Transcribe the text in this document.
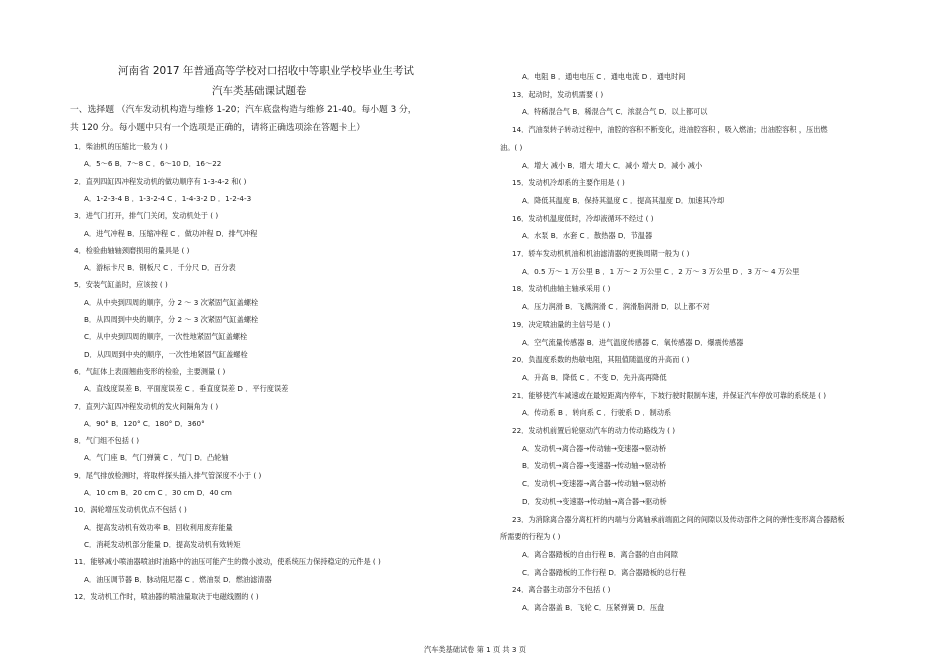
河南省 2017 年普通高等学校对口招收中等职业学校毕业生考试
汽车类基础课试题卷
一、选择题 （汽车发动机构造与维修 1-20；汽车底盘构造与维修 21-40。每小题 3 分，
共 120 分。每小题中只有一个选项是正确的，请将正确选项涂在答题卡上）
1．柴油机的压缩比一般为 ( )
A．5～6 B．7～8 C ．6～10 D．16～22
2．直列四缸四冲程发动机的做功顺序有 1-3-4-2 和( )
A．1-2-3-4 B ．1-3-2-4 C ．1-4-3-2 D ．1-2-4-3
3．进气门打开，排气门关闭，发动机处于 ( )
A．进气冲程 B．压缩冲程 C ．做功冲程 D．排气冲程
4．检验曲轴轴颈磨损用的量具是 ( )
A．游标卡尺 B．钢板尺 C ．千分尺 D．百分表
5．安装气缸盖时，应该按 ( )
A．从中央到四周的顺序，分 2 ～ 3 次紧固气缸盖螺栓
B．从四周到中央的顺序，分 2 ～ 3 次紧固气缸盖螺栓
C．从中央到四周的顺序，一次性地紧固气缸盖螺栓
D．从四周到中央的顺序，一次性地紧固气缸盖螺栓
6．气缸体上表面翘曲变形的检验，主要测量 ( )
A．直线度误差 B．平面度误差 C ．垂直度误差 D ．平行度误差
7．直列六缸四冲程发动机的发火间隔角为 ( )
A．90° B．120° C．180° D．360°
8．气门组不包括 ( )
A．气门座 B．气门弹簧 C ．气门 D．凸轮轴
9．尾气排放检测时，将取样探头插入排气管深度不小于 ( )
A．10 cm B．20 cm C ．30 cm D．40 cm
10．涡轮增压发动机优点不包括 ( )
A．提高发动机有效功率 B．回收利用废弃能量
C．消耗发动机部分能量 D．提高发动机有效转矩
11．能够减小喷油器喷油时油路中的油压可能产生的微小波动，使系统压力保持稳定的元件是 ( )
A．油压调节器 B．脉动阻尼器 C ．燃油泵 D．燃油滤清器
12．发动机工作时，喷油器的喷油量取决于电磁线圈的 ( )
A．电阻 B ．通电电压 C ．通电电流 D ．通电时间
13．起动时，发动机需要 ( )
A．特稀混合气 B．稀混合气 C．浓混合气 D．以上都可以
14．汽油泵转子转动过程中，油腔的容积不断变化，进油腔容积 ，吸入燃油；出油腔容积 ，压出燃
油。( )
A．增大 减小 B．增大 增大 C．减小 增大 D．减小 减小
15．发动机冷却系的主要作用是 ( )
A．降低其温度 B．保持其温度 C ．提高其温度 D．加速其冷却
16．发动机温度低时，冷却液循环不经过 ( )
A．水泵 B．水套 C ．散热器 D．节温器
17．轿车发动机机油和机油滤清器的更换周期一般为 ( )
A．0.5 万～ 1 万公里 B ．1 万～ 2 万公里 C ．2 万～ 3 万公里 D ．3 万～ 4 万公里
18．发动机曲轴主轴承采用 ( )
A．压力润滑 B．飞溅润滑 C ．润滑脂润滑 D．以上都不对
19．决定喷油量的主信号是 ( )
A．空气流量传感器 B．进气温度传感器 C．氧传感器 D．爆震传感器
20．负温度系数的热敏电阻，其阻值随温度的升高而 ( )
A．升高 B．降低 C ．不变 D．先升高再降低
21．能够使汽车减速或在最短距离内停车，下坡行驶时限制车速，并保证汽车停放可靠的系统是 ( )
A．传动系 B ．转向系 C ．行驶系 D ．制动系
22．发动机前置后轮驱动汽车的动力传动路线为 ( )
A．发动机→离合器→传动轴→变速器→驱动桥
B．发动机→离合器→变速器→传动轴→驱动桥
C．发动机→变速器→离合器→传动轴→驱动桥
D．发动机→变速器→传动轴→离合器→驱动桥
23．为消除离合器分离杠杆的内端与分离轴承前端面之间的间隙以及传动部件之间的弹性变形离合器踏板
所需要的行程为 ( )
A．离合器踏板的自由行程 B．离合器的自由间隙
C．离合器踏板的工作行程 D．离合器踏板的总行程
24．离合器主动部分不包括 ( )
A．离合器盖 B．飞轮 C．压紧弹簧 D．压盘
汽车类基础试卷 第 1 页 共 3 页
